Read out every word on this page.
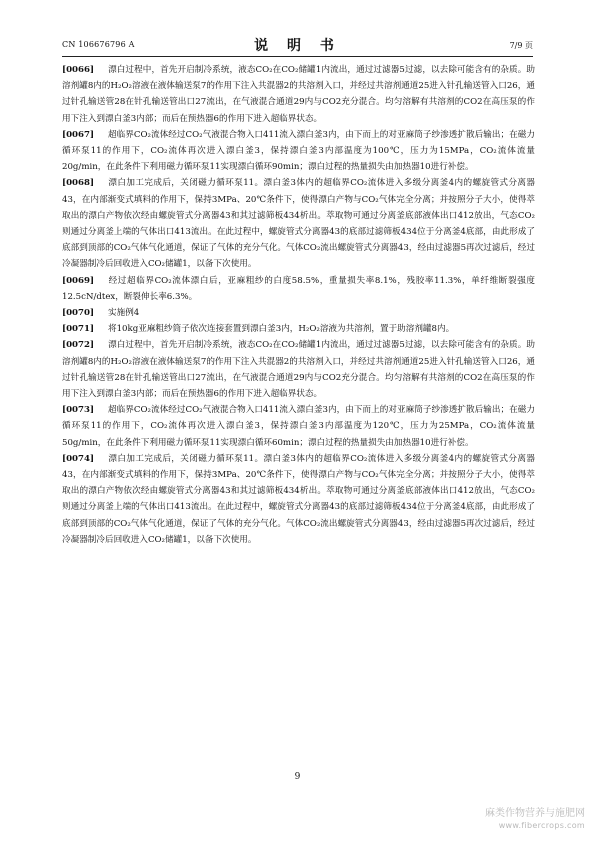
CN 106676796 A	说 明 书	7/9 页

[0066] 漂白过程中，首先开启制冷系统，液态CO₂在CO₂储罐1内流出，通过过滤器5过滤，以去除可能含有的杂质。助溶剂罐8内的H₂O₂溶液在液体输送泵7的作用下注入共混器2的共溶剂入口，并经过共溶剂通道25进入针孔输送管入口26，通过针孔输送管28在针孔输送管出口27流出，在气液混合通道29内与CO2充分混合。均匀溶解有共溶剂的CO2在高压泵的作用下注入到漂白釜3内部；而后在预热器6的作用下进入超临界状态。

[0067] 超临界CO₂流体经过CO₂气液混合物入口411流入漂白釜3内，由下而上的对亚麻筒子纱渗透扩散后输出；在磁力循环泵11的作用下，CO₂流体再次进入漂白釜3，保持漂白釜3内部温度为100℃，压力为15MPa，CO₂流体流量20g/min，在此条件下利用磁力循环泵11实现漂白循环90min；漂白过程的热量损失由加热器10进行补偿。

[0068] 漂白加工完成后，关闭磁力循环泵11。漂白釜3体内的超临界CO₂流体进入多级分离釜4内的螺旋管式分离器43，在内部渐变式填料的作用下，保持3MPa、20℃条件下，使得漂白产物与CO₂气体完全分离；并按照分子大小，使得萃取出的漂白产物依次经由螺旋管式分离器43和其过滤筛板434析出。萃取物可通过分离釜底部液体出口412放出，气态CO₂则通过分离釜上端的气体出口413流出。在此过程中，螺旋管式分离器43的底部过滤筛板434位于分离釜4底部，由此形成了底部到顶部的CO₂气体气化通道，保证了气体的充分气化。气体CO₂流出螺旋管式分离器43，经由过滤器5再次过滤后，经过冷凝器制冷后回收进入CO₂储罐1，以备下次使用。

[0069] 经过超临界CO₂流体漂白后，亚麻粗纱的白度58.5%，重量损失率8.1%，残胶率11.3%，单纤维断裂强度12.5cN/dtex，断裂伸长率6.3%。

[0070] 实施例4

[0071] 将10kg亚麻粗纱筒子依次连接套置到漂白釜3内，H₂O₂溶液为共溶剂，置于助溶剂罐8内。

[0072] 漂白过程中，首先开启制冷系统，液态CO₂在CO₂储罐1内流出，通过过滤器5过滤，以去除可能含有的杂质。助溶剂罐8内的H₂O₂溶液在液体输送泵7的作用下注入共混器2的共溶剂入口，并经过共溶剂通道25进入针孔输送管入口26，通过针孔输送管28在针孔输送管出口27流出，在气液混合通道29内与CO2充分混合。均匀溶解有共溶剂的CO2在高压泵的作用下注入到漂白釜3内部；而后在预热器6的作用下进入超临界状态。

[0073] 超临界CO₂流体经过CO₂气液混合物入口411流入漂白釜3内，由下而上的对亚麻筒子纱渗透扩散后输出；在磁力循环泵11的作用下，CO₂流体再次进入漂白釜3，保持漂白釜3内部温度为120℃，压力为25MPa，CO₂流体流量50g/min，在此条件下利用磁力循环泵11实现漂白循环60min；漂白过程的热量损失由加热器10进行补偿。

[0074] 漂白加工完成后，关闭磁力循环泵11。漂白釜3体内的超临界CO₂流体进入多级分离釜4内的螺旋管式分离器43，在内部渐变式填料的作用下，保持3MPa、20℃条件下，使得漂白产物与CO₂气体完全分离；并按照分子大小，使得萃取出的漂白产物依次经由螺旋管式分离器43和其过滤筛板434析出。萃取物可通过分离釜底部液体出口412放出，气态CO₂则通过分离釜上端的气体出口413流出。在此过程中，螺旋管式分离器43的底部过滤筛板434位于分离釜4底部，由此形成了底部到顶部的CO₂气体气化通道，保证了气体的充分气化。气体CO₂流出螺旋管式分离器43，经由过滤器5再次过滤后，经过冷凝器制冷后回收进入CO₂储罐1，以备下次使用。

9
麻类作物营养与施肥网
www.fibercrops.com
